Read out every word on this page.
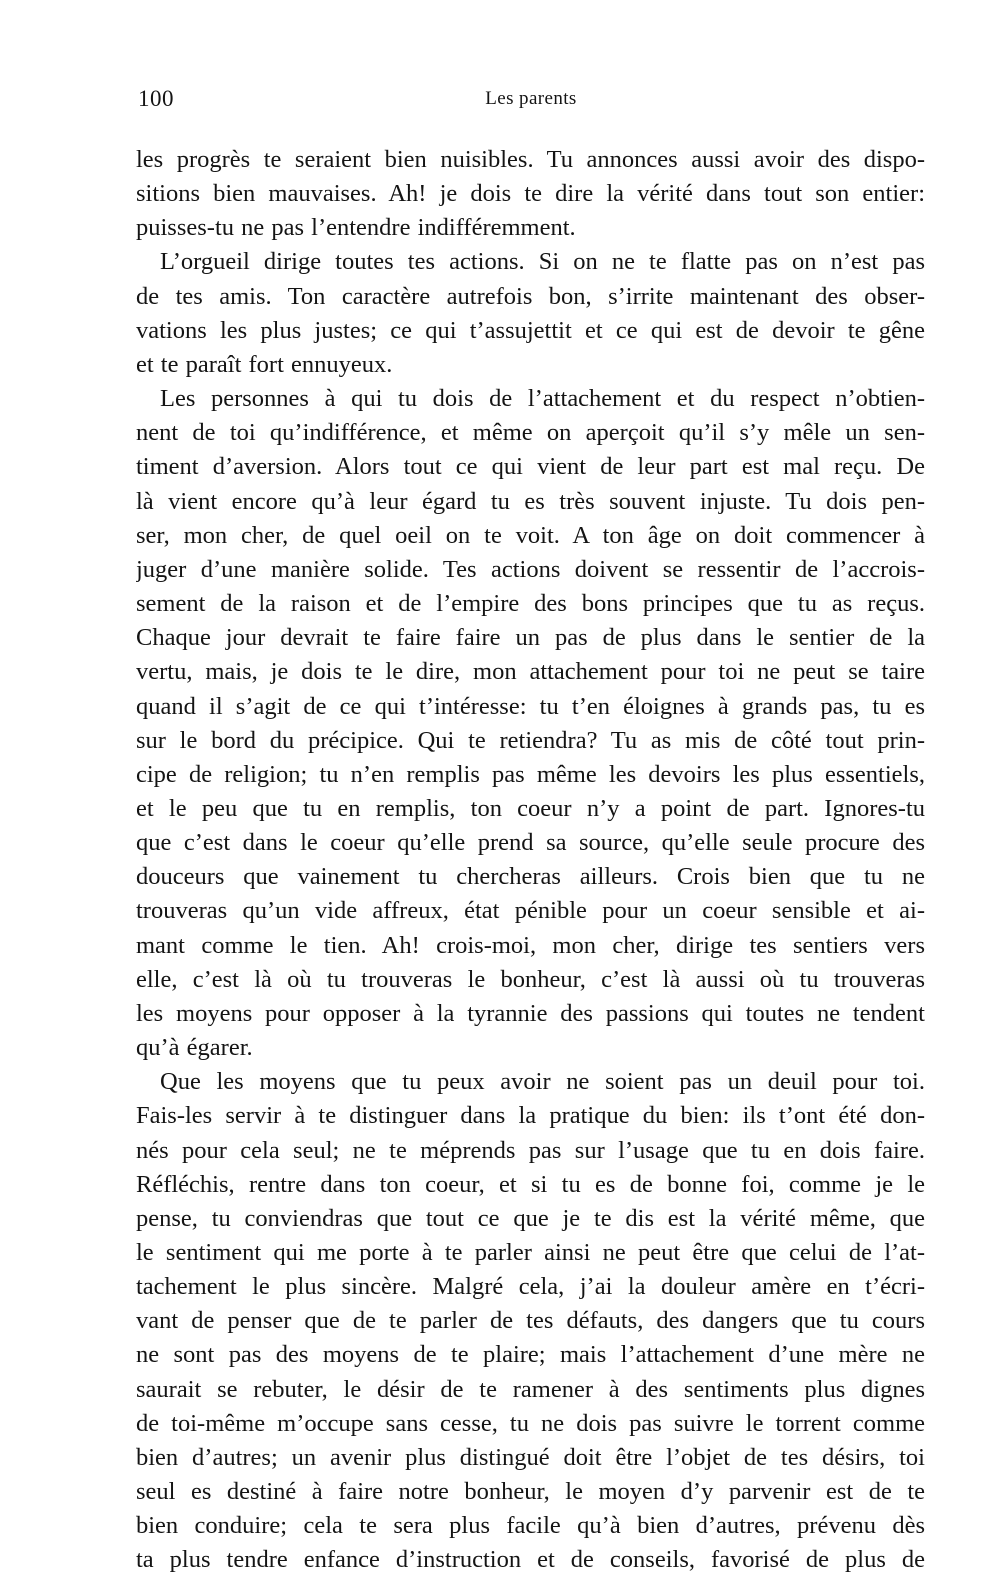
100	Les parents
les progrès te seraient bien nuisibles. Tu annonces aussi avoir des dispo-
sitions bien mauvaises. Ah! je dois te dire la vérité dans tout son entier:
puisses-tu ne pas l’entendre indifféremment.
L’orgueil dirige toutes tes actions. Si on ne te flatte pas on n’est pas
de tes amis. Ton caractère autrefois bon, s’irrite maintenant des obser-
vations les plus justes; ce qui t’assujettit et ce qui est de devoir te gêne
et te paraît fort ennuyeux.
Les personnes à qui tu dois de l’attachement et du respect n’obtien-
nent de toi qu’indifférence, et même on aperçoit qu’il s’y mêle un sen-
timent d’aversion. Alors tout ce qui vient de leur part est mal reçu. De
là vient encore qu’à leur égard tu es très souvent injuste. Tu dois pen-
ser, mon cher, de quel oeil on te voit. A ton âge on doit commencer à
juger d’une manière solide. Tes actions doivent se ressentir de l’accrois-
sement de la raison et de l’empire des bons principes que tu as reçus.
Chaque jour devrait te faire faire un pas de plus dans le sentier de la
vertu, mais, je dois te le dire, mon attachement pour toi ne peut se taire
quand il s’agit de ce qui t’intéresse: tu t’en éloignes à grands pas, tu es
sur le bord du précipice. Qui te retiendra? Tu as mis de côté tout prin-
cipe de religion; tu n’en remplis pas même les devoirs les plus essentiels,
et le peu que tu en remplis, ton coeur n’y a point de part. Ignores-tu
que c’est dans le coeur qu’elle prend sa source, qu’elle seule procure des
douceurs que vainement tu chercheras ailleurs. Crois bien que tu ne
trouveras qu’un vide affreux, état pénible pour un coeur sensible et ai-
mant comme le tien. Ah! crois-moi, mon cher, dirige tes sentiers vers
elle, c’est là où tu trouveras le bonheur, c’est là aussi où tu trouveras
les moyens pour opposer à la tyrannie des passions qui toutes ne tendent
qu’à égarer.
Que les moyens que tu peux avoir ne soient pas un deuil pour toi.
Fais-les servir à te distinguer dans la pratique du bien: ils t’ont été don-
nés pour cela seul; ne te méprends pas sur l’usage que tu en dois faire.
Réfléchis, rentre dans ton coeur, et si tu es de bonne foi, comme je le
pense, tu conviendras que tout ce que je te dis est la vérité même, que
le sentiment qui me porte à te parler ainsi ne peut être que celui de l’at-
tachement le plus sincère. Malgré cela, j’ai la douleur amère en t’écri-
vant de penser que de te parler de tes défauts, des dangers que tu cours
ne sont pas des moyens de te plaire; mais l’attachement d’une mère ne
saurait se rebuter, le désir de te ramener à des sentiments plus dignes
de toi-même m’occupe sans cesse, tu ne dois pas suivre le torrent comme
bien d’autres; un avenir plus distingué doit être l’objet de tes désirs, toi
seul es destiné à faire notre bonheur, le moyen d’y parvenir est de te
bien conduire; cela te sera plus facile qu’à bien d’autres, prévenu dès
ta plus tendre enfance d’instruction et de conseils, favorisé de plus de
